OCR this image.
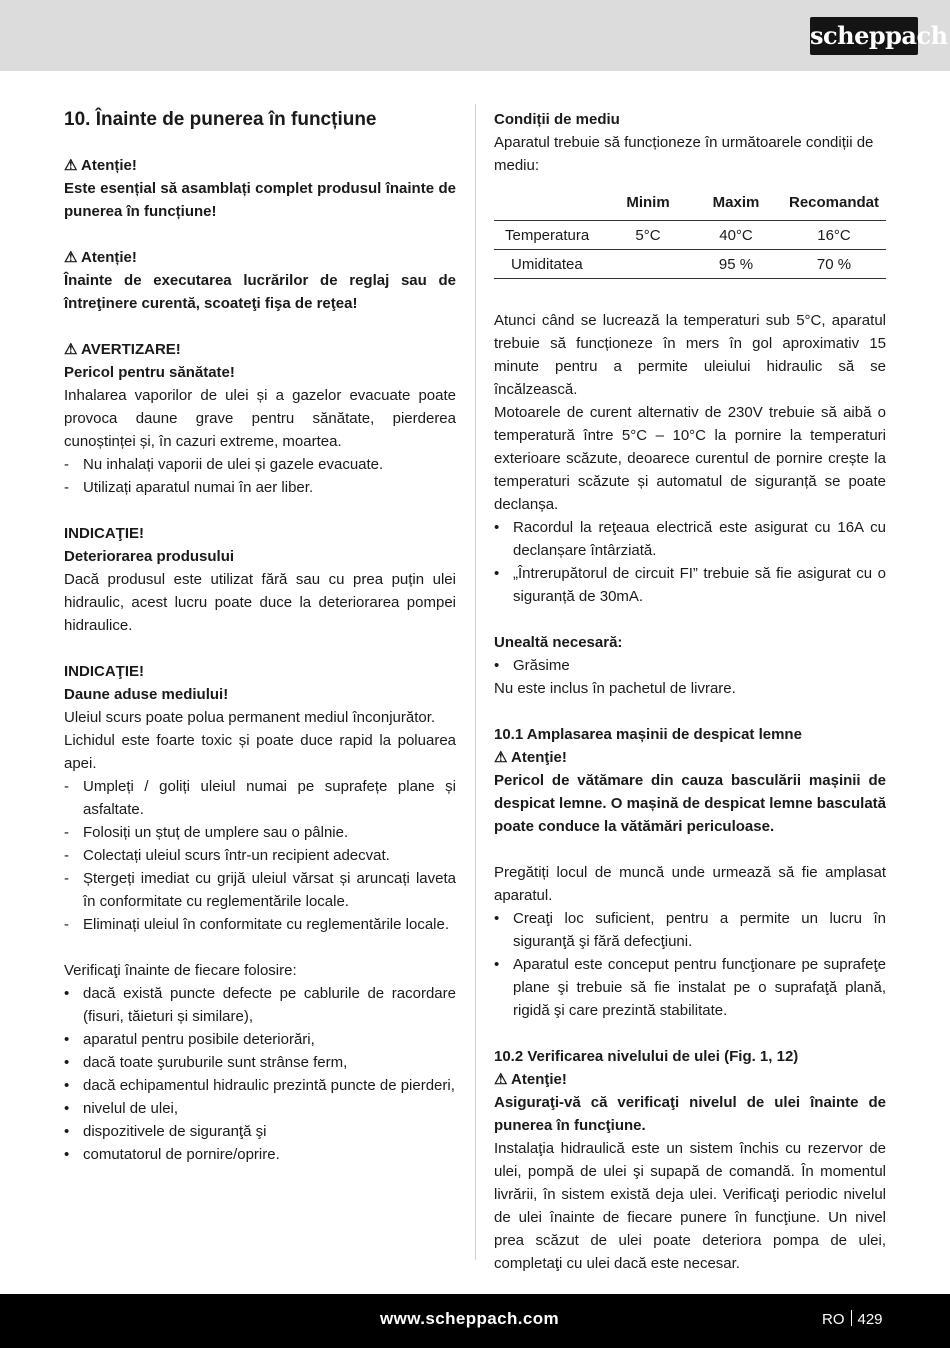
scheppach
10. Înainte de punerea în funcțiune

⚠ Atenție!

Este esențial să asamblați complet produsul înainte de punerea în funcțiune!

⚠ Atenție!

Înainte de executarea lucrărilor de reglaj sau de întreţinere curentă, scoateţi fişa de reţea!

⚠ AVERTIZARE!

Pericol pentru sănătate!

Inhalarea vaporilor de ulei și a gazelor evacuate poate provoca daune grave pentru sănătate, pierderea cunoștinței și, în cazuri extreme, moartea.

- Nu inhalați vaporii de ulei și gazele evacuate.
- Utilizați aparatul numai în aer liber.

INDICAŢIE!

Deteriorarea produsului

Dacă produsul este utilizat fără sau cu prea puțin ulei hidraulic, acest lucru poate duce la deteriorarea pompei hidraulice.

INDICAŢIE!

Daune aduse mediului!

Uleiul scurs poate polua permanent mediul înconjurător.

Lichidul este foarte toxic și poate duce rapid la poluarea apei.

- Umpleți / goliți uleiul numai pe suprafețe plane și asfaltate.
- Folosiți un ștuț de umplere sau o pâlnie.
- Colectați uleiul scurs într-un recipient adecvat.
- Ștergeți imediat cu grijă uleiul vărsat și aruncați laveta în conformitate cu reglementările locale.
- Eliminați uleiul în conformitate cu reglementările locale.

Verificaţi înainte de fiecare folosire:

• dacă există puncte defecte pe cablurile de racordare (fisuri, tăieturi și similare),
• aparatul pentru posibile deteriorări,
• dacă toate şuruburile sunt strânse ferm,
• dacă echipamentul hidraulic prezintă puncte de pierderi,
• nivelul de ulei,
• dispozitivele de siguranţă şi
• comutatorul de pornire/oprire.

Condiții de mediu

Aparatul trebuie să funcționeze în următoarele condiții de mediu:

	Minim	Maxim	Recomandat
Temperatura	5°C	40°C	16°C
Umiditatea		95 %	70 %

Atunci când se lucrează la temperaturi sub 5°C, aparatul trebuie să funcționeze în mers în gol aproximativ 15 minute pentru a permite uleiului hidraulic să se încălzească.

Motoarele de curent alternativ de 230V trebuie să aibă o temperatură între 5°C – 10°C la pornire la temperaturi exterioare scăzute, deoarece curentul de pornire crește la temperaturi scăzute și automatul de siguranță se poate declanșa.

• Racordul la reţeaua electrică este asigurat cu 16A cu declanșare întârziată.
• „Întrerupătorul de circuit FI” trebuie să fie asigurat cu o siguranță de 30mA.

Unealtă necesară:

• Grăsime

Nu este inclus în pachetul de livrare.

10.1 Amplasarea mașinii de despicat lemne

⚠ Atenţie!

Pericol de vătămare din cauza basculării mașinii de despicat lemne. O mașină de despicat lemne basculată poate conduce la vătămări periculoase.

Pregătiți locul de muncă unde urmează să fie amplasat aparatul.

• Creaţi loc suficient, pentru a permite un lucru în siguranţă şi fără defecţiuni.
• Aparatul este conceput pentru funcţionare pe suprafeţe plane şi trebuie să fie instalat pe o suprafaţă plană, rigidă şi care prezintă stabilitate.

10.2 Verificarea nivelului de ulei (Fig. 1, 12)

⚠ Atenţie!

Asiguraţi-vă că verificaţi nivelul de ulei înainte de punerea în funcţiune.

Instalaţia hidraulică este un sistem închis cu rezervor de ulei, pompă de ulei şi supapă de comandă. În momentul livrării, în sistem există deja ulei. Verificaţi periodic nivelul de ulei înainte de fiecare punere în funcţiune. Un nivel prea scăzut de ulei poate deteriora pompa de ulei, completaţi cu ulei dacă este necesar.

www.scheppach.com	RO 429
